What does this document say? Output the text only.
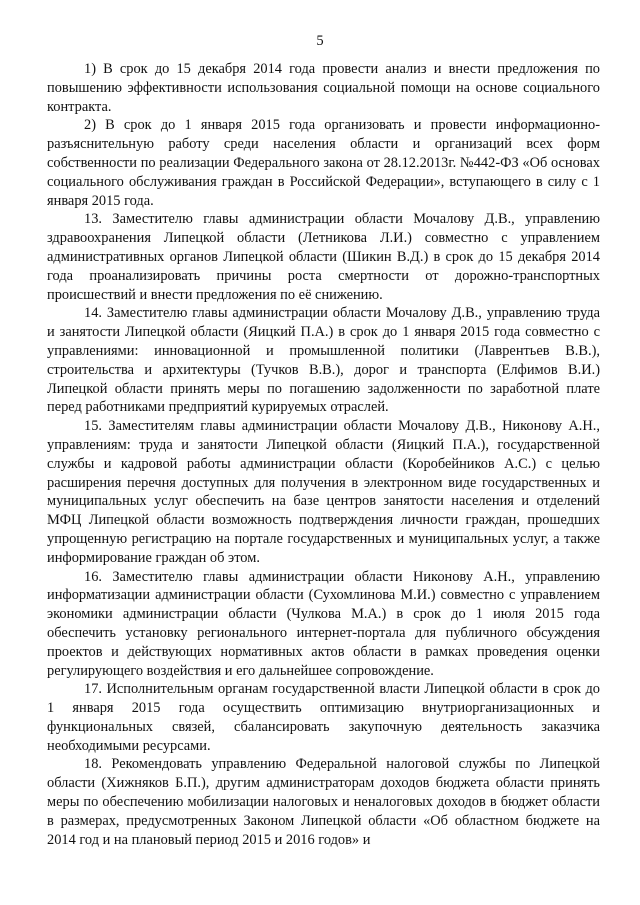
5

1) В срок до 15 декабря 2014 года провести анализ и внести предложения по повышению эффективности использования социальной помощи на основе социального контракта.

2) В срок до 1 января 2015 года организовать и провести информационно-разъяснительную работу среди населения области и организаций всех форм собственности по реализации Федерального закона от 28.12.2013г. №442-ФЗ «Об основах социального обслуживания граждан в Российской Федерации», вступающего в силу с 1 января 2015 года.

13. Заместителю главы администрации области Мочалову Д.В., управлению здравоохранения Липецкой области (Летникова Л.И.) совместно с управлением административных органов Липецкой области (Шикин В.Д.) в срок до 15 декабря 2014 года проанализировать причины роста смертности от дорожно-транспортных происшествий и внести предложения по её снижению.

14. Заместителю главы администрации области Мочалову Д.В., управлению труда и занятости Липецкой области (Яицкий П.А.) в срок до 1 января 2015 года совместно с управлениями: инновационной и промышленной политики (Лаврентьев В.В.), строительства и архитектуры (Тучков В.В.), дорог и транспорта (Елфимов В.И.) Липецкой области принять меры по погашению задолженности по заработной плате перед работниками предприятий курируемых отраслей.

15. Заместителям главы администрации области Мочалову Д.В., Никонову А.Н., управлениям: труда и занятости Липецкой области (Яицкий П.А.), государственной службы и кадровой работы администрации области (Коробейников А.С.) с целью расширения перечня доступных для получения в электронном виде государственных и муниципальных услуг обеспечить на базе центров занятости населения и отделений МФЦ Липецкой области возможность подтверждения личности граждан, прошедших упрощенную регистрацию на портале государственных и муниципальных услуг, а также информирование граждан об этом.

16. Заместителю главы администрации области Никонову А.Н., управлению информатизации администрации области (Сухомлинова М.И.) совместно с управлением экономики администрации области (Чулкова М.А.) в срок до 1 июля 2015 года обеспечить установку регионального интернет-портала для публичного обсуждения проектов и действующих нормативных актов области в рамках проведения оценки регулирующего воздействия и его дальнейшее сопровождение.

17. Исполнительным органам государственной власти Липецкой области в срок до 1 января 2015 года осуществить оптимизацию внутриорганизационных и функциональных связей, сбалансировать закупочную деятельность заказчика необходимыми ресурсами.

18. Рекомендовать управлению Федеральной налоговой службы по Липецкой области (Хижняков Б.П.), другим администраторам доходов бюджета области принять меры по обеспечению мобилизации налоговых и неналоговых доходов в бюджет области в размерах, предусмотренных Законом Липецкой области «Об областном бюджете на 2014 год и на плановый период 2015 и 2016 годов» и
